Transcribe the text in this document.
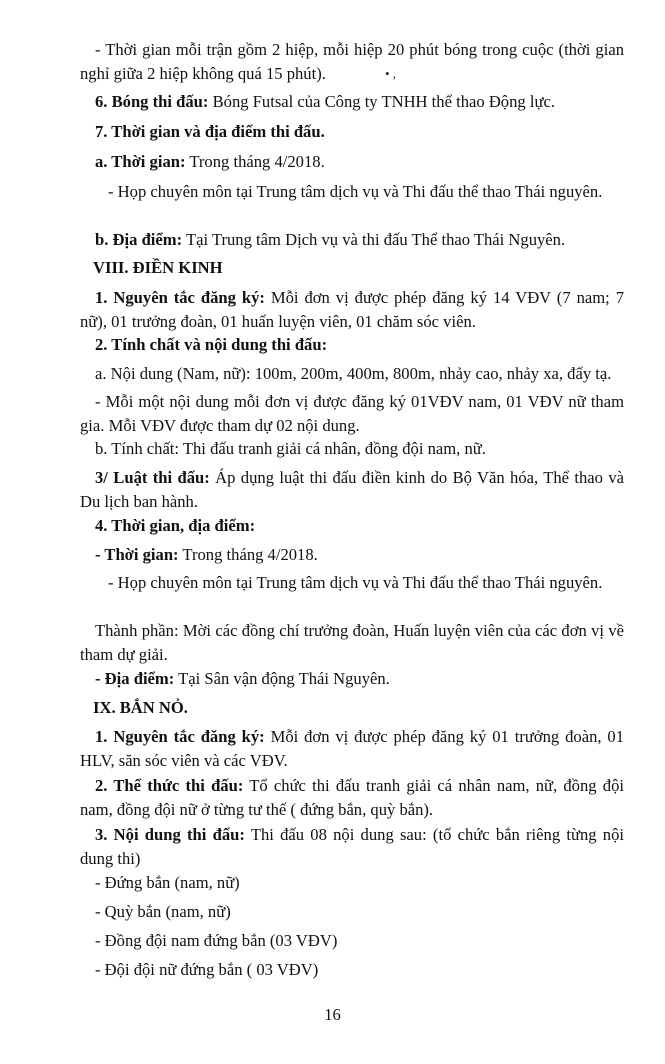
- Thời gian mỗi trận gồm 2 hiệp, mỗi hiệp 20 phút bóng trong cuộc (thời gian nghỉ giữa 2 hiệp không quá 15 phút).	• ,

6. Bóng thi đấu: Bóng Futsal của Công ty TNHH thể thao Động lực.

7. Thời gian và địa điểm thi đấu.

a. Thời gian: Trong tháng 4/2018.

- Họp chuyên môn tại Trung tâm dịch vụ và Thi đấu thể thao Thái nguyên.

b. Địa điểm: Tại Trung tâm Dịch vụ và thi đấu Thể thao Thái Nguyên.

VIII. ĐIỀN KINH

1. Nguyên tắc đăng ký: Mỗi đơn vị được phép đăng ký 14 VĐV (7 nam; 7 nữ), 01 trưởng đoàn, 01 huấn luyện viên, 01 chăm sóc viên.

2. Tính chất và nội dung thi đấu:

a. Nội dung (Nam, nữ): 100m, 200m, 400m, 800m, nhảy cao, nhảy xa, đẩy tạ.

- Mỗi một nội dung mỗi đơn vị được đăng ký 01VĐV nam, 01 VĐV nữ tham gia. Mỗi VĐV được tham dự 02 nội dung.

b. Tính chất: Thi đấu tranh giải cá nhân, đồng đội nam, nữ.

3/ Luật thi đấu: Áp dụng luật thi đấu điền kinh do Bộ Văn hóa, Thể thao và Du lịch ban hành.

4. Thời gian, địa điểm:

- Thời gian: Trong tháng 4/2018.

- Họp chuyên môn tại Trung tâm dịch vụ và Thi đấu thể thao Thái nguyên.

Thành phần: Mời các đồng chí trưởng đoàn, Huấn luyện viên của các đơn vị về tham dự giải.

- Địa điểm: Tại Sân vận động Thái Nguyên.

IX. BẮN NỎ.

1. Nguyên tắc đăng ký: Mỗi đơn vị được phép đăng ký 01 trưởng đoàn, 01 HLV, săn sóc viên và các VĐV.

2. Thể thức thi đấu: Tổ chức thi đấu tranh giải cá nhân nam, nữ, đồng đội nam, đồng đội nữ ở từng tư thế ( đứng bắn, quỳ bắn).

3. Nội dung thi đấu: Thi đấu 08 nội dung sau: (tổ chức bắn riêng từng nội dung thi)

- Đứng bắn (nam, nữ)

- Quỳ bắn (nam, nữ)

- Đồng đội nam đứng bắn (03 VĐV)

- Đội đội nữ đứng bắn ( 03 VĐV)

16
